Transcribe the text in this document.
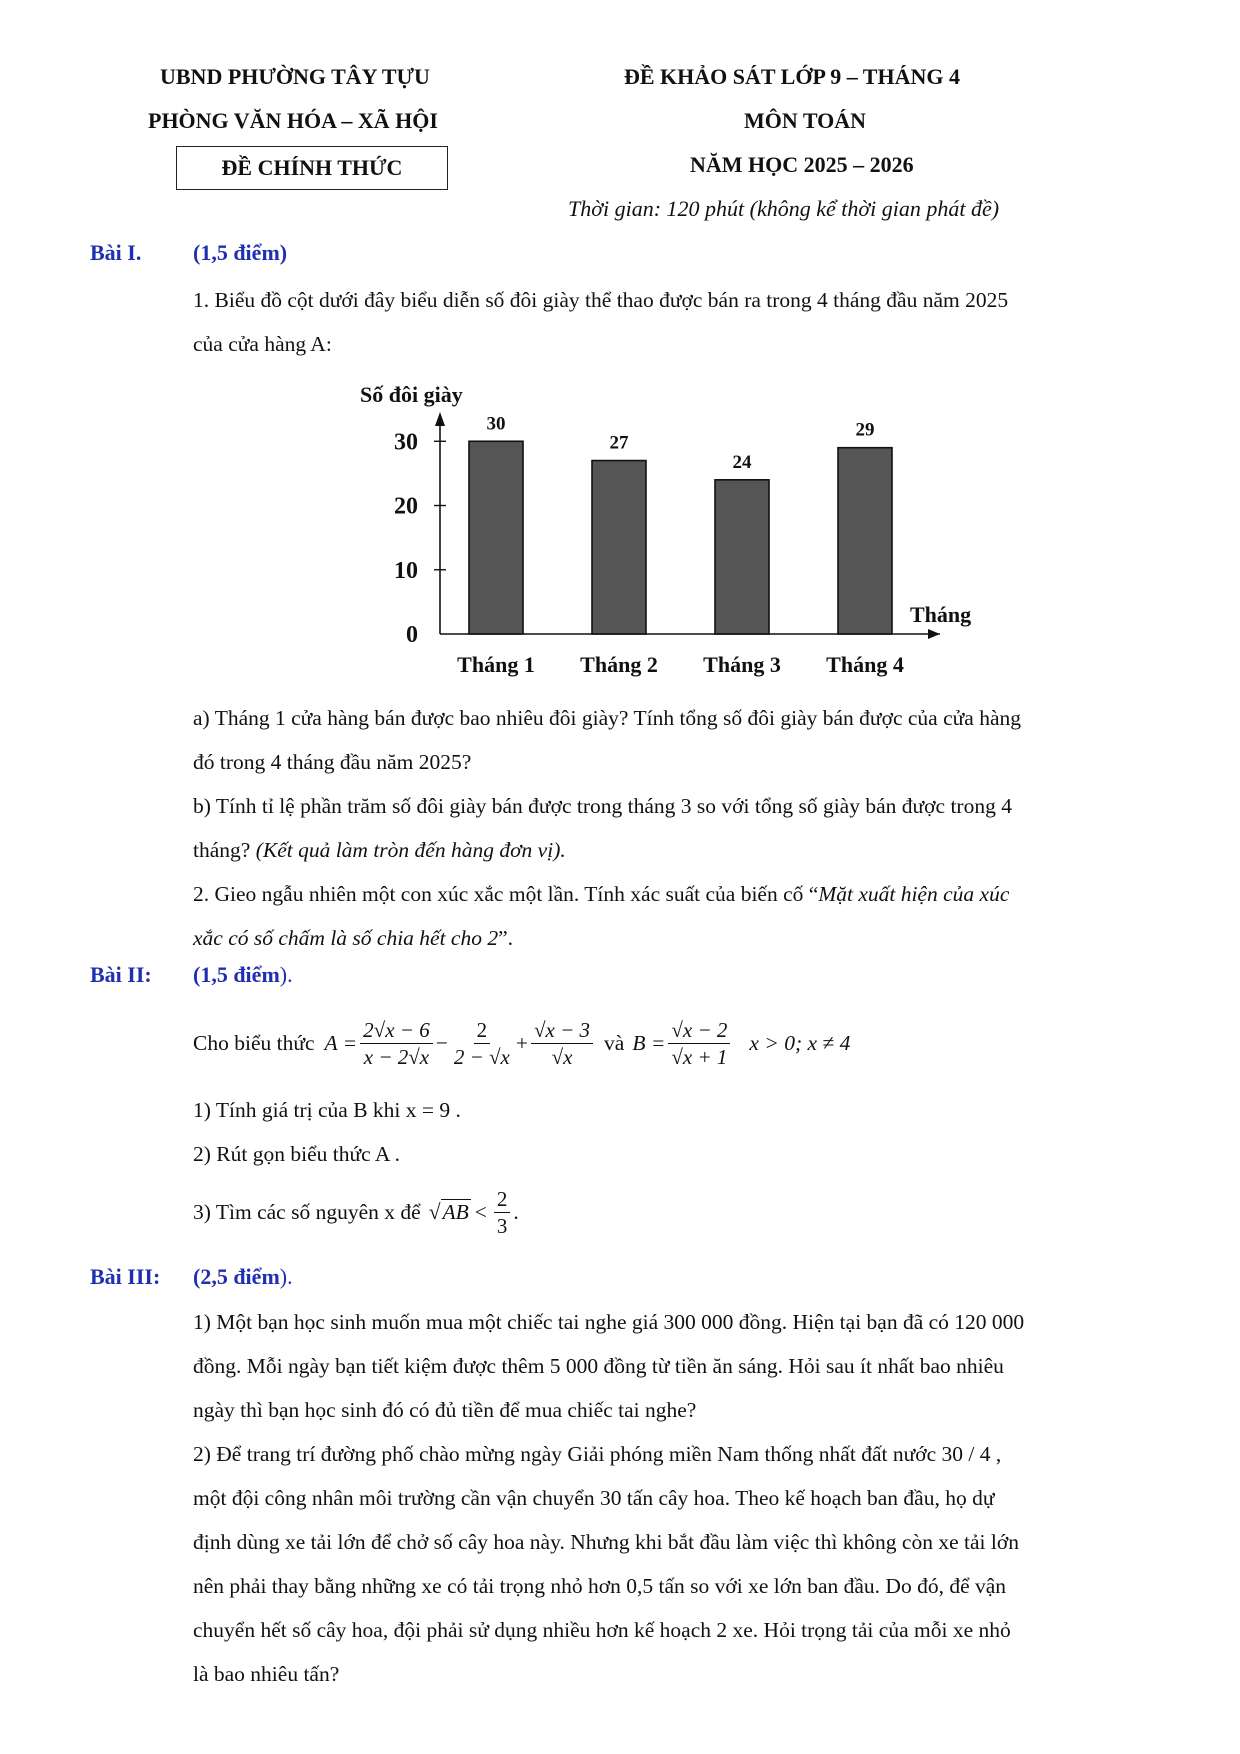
UBND PHƯỜNG TÂY TỰU
PHÒNG VĂN HÓA – XÃ HỘI
ĐỀ CHÍNH THỨC
ĐỀ KHẢO SÁT LỚP 9 – THÁNG 4
MÔN TOÁN
NĂM HỌC 2025 – 2026
Thời gian: 120 phút (không kể thời gian phát đề)
Bài I. (1,5 điểm)
1. Biểu đồ cột dưới đây biểu diễn số đôi giày thể thao được bán ra trong 4 tháng đầu năm 2025
của cửa hàng A:
Số đôi giày
0
10
20
30
30
Tháng 1
27
Tháng 2
24
Tháng 3
29
Tháng 4
Tháng
a) Tháng 1 cửa hàng bán được bao nhiêu đôi giày? Tính tổng số đôi giày bán được của cửa hàng
đó trong 4 tháng đầu năm 2025?
b) Tính tỉ lệ phần trăm số đôi giày bán được trong tháng 3 so với tổng số giày bán được trong 4
tháng? (Kết quả làm tròn đến hàng đơn vị).
2. Gieo ngẫu nhiên một con xúc xắc một lần. Tính xác suất của biến cố “Mặt xuất hiện của xúc
xắc có số chấm là số chia hết cho 2”.
Bài II: (1,5 điểm).
Cho biểu thức $A = \frac{2√x - 6}{x - 2√x} - \frac{2}{2 - √x} + \frac{√x - 3}{√x}$ và $B = \frac{√x - 2}{√x + 1}$ x > 0; x ≠ 4
1) Tính giá trị của B khi x = 9 .
2) Rút gọn biểu thức A .
3) Tìm các số nguyên x để √ AB < $\frac{2}{3}$ .
Bài III: (2,5 điểm).
1) Một bạn học sinh muốn mua một chiếc tai nghe giá 300 000 đồng. Hiện tại bạn đã có 120 000
đồng. Mỗi ngày bạn tiết kiệm được thêm 5 000 đồng từ tiền ăn sáng. Hỏi sau ít nhất bao nhiêu
ngày thì bạn học sinh đó có đủ tiền để mua chiếc tai nghe?
2) Để trang trí đường phố chào mừng ngày Giải phóng miền Nam thống nhất đất nước 30 / 4 ,
một đội công nhân môi trường cần vận chuyển 30 tấn cây hoa. Theo kế hoạch ban đầu, họ dự
định dùng xe tải lớn để chở số cây hoa này. Nhưng khi bắt đầu làm việc thì không còn xe tải lớn
nên phải thay bằng những xe có tải trọng nhỏ hơn 0,5 tấn so với xe lớn ban đầu. Do đó, để vận
chuyển hết số cây hoa, đội phải sử dụng nhiều hơn kế hoạch 2 xe. Hỏi trọng tải của mỗi xe nhỏ
là bao nhiêu tấn?
